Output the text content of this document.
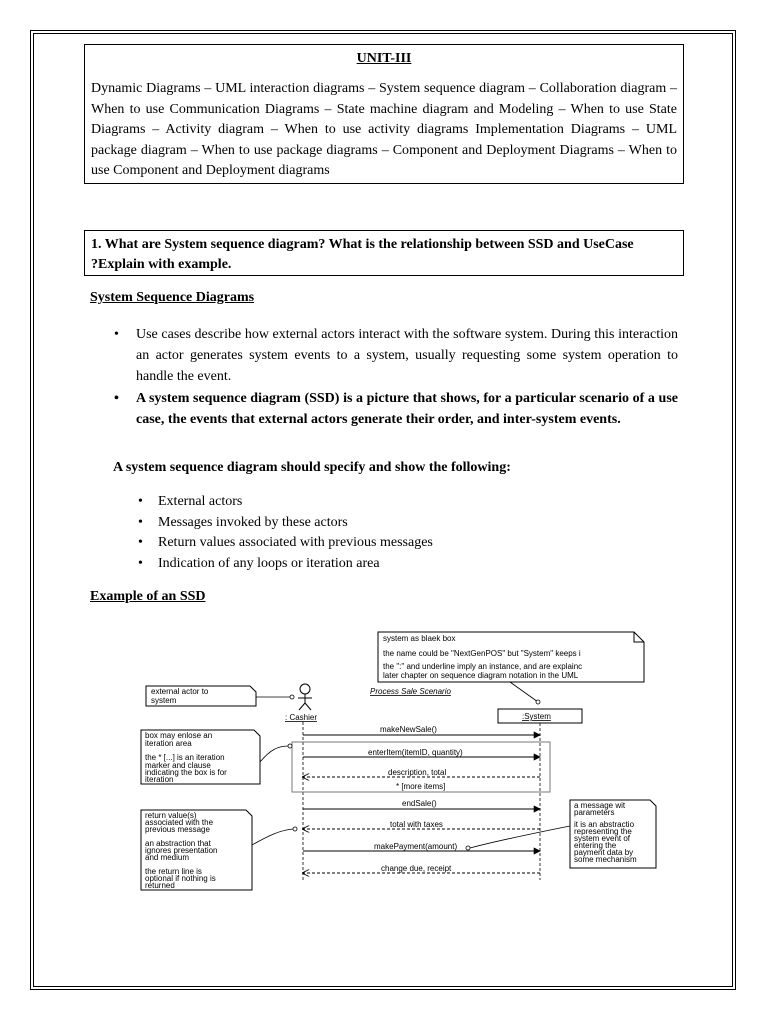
UNIT-III
Dynamic Diagrams – UML interaction diagrams – System sequence diagram – Collaboration diagram – When to use Communication Diagrams – State machine diagram and Modeling – When to use State Diagrams – Activity diagram – When to use activity diagrams Implementation Diagrams – UML package diagram – When to use package diagrams – Component and Deployment Diagrams – When to use Component and Deployment diagrams
1. What are System sequence diagram? What is the relationship between SSD and UseCase
?Explain with example.
System Sequence Diagrams
• Use cases describe how external actors interact with the software system. During this interaction an actor generates system events to a system, usually requesting some system operation to handle the event.
• A system sequence diagram (SSD) is a picture that shows, for a particular scenario of a use case, the events that external actors generate their order, and inter-system events.
A system sequence diagram should specify and show the following:
• External actors
• Messages invoked by these actors
• Return values associated with previous messages
• Indication of any loops or iteration area
Example of an SSD
system as blaek box
the name could be "NextGenPOS" but "System" keeps i
the ":" and underline imply an instance, and are explainc
later chapter on sequence diagram notation in the UML
external actor to
system
: Cashier
Process Sale Scenario
:System
makeNewSale()
enterItem(itemID, quantity)
description, total
* [more items]
endSale()
total with taxes
makePayment(amount)
change due, receipt
box may enlose an
iteration area
the * [...] is an iteration
marker and clause
indicating the box is for
iteration
return value(s)
associated with the
previous message
an abstraction that
ignores presentation
and medium
the return line is
optional if nothing is
returned
a message wit
parameters
it is an abstractio
representing the
system event of
entering the
payment data by
some mechanism
